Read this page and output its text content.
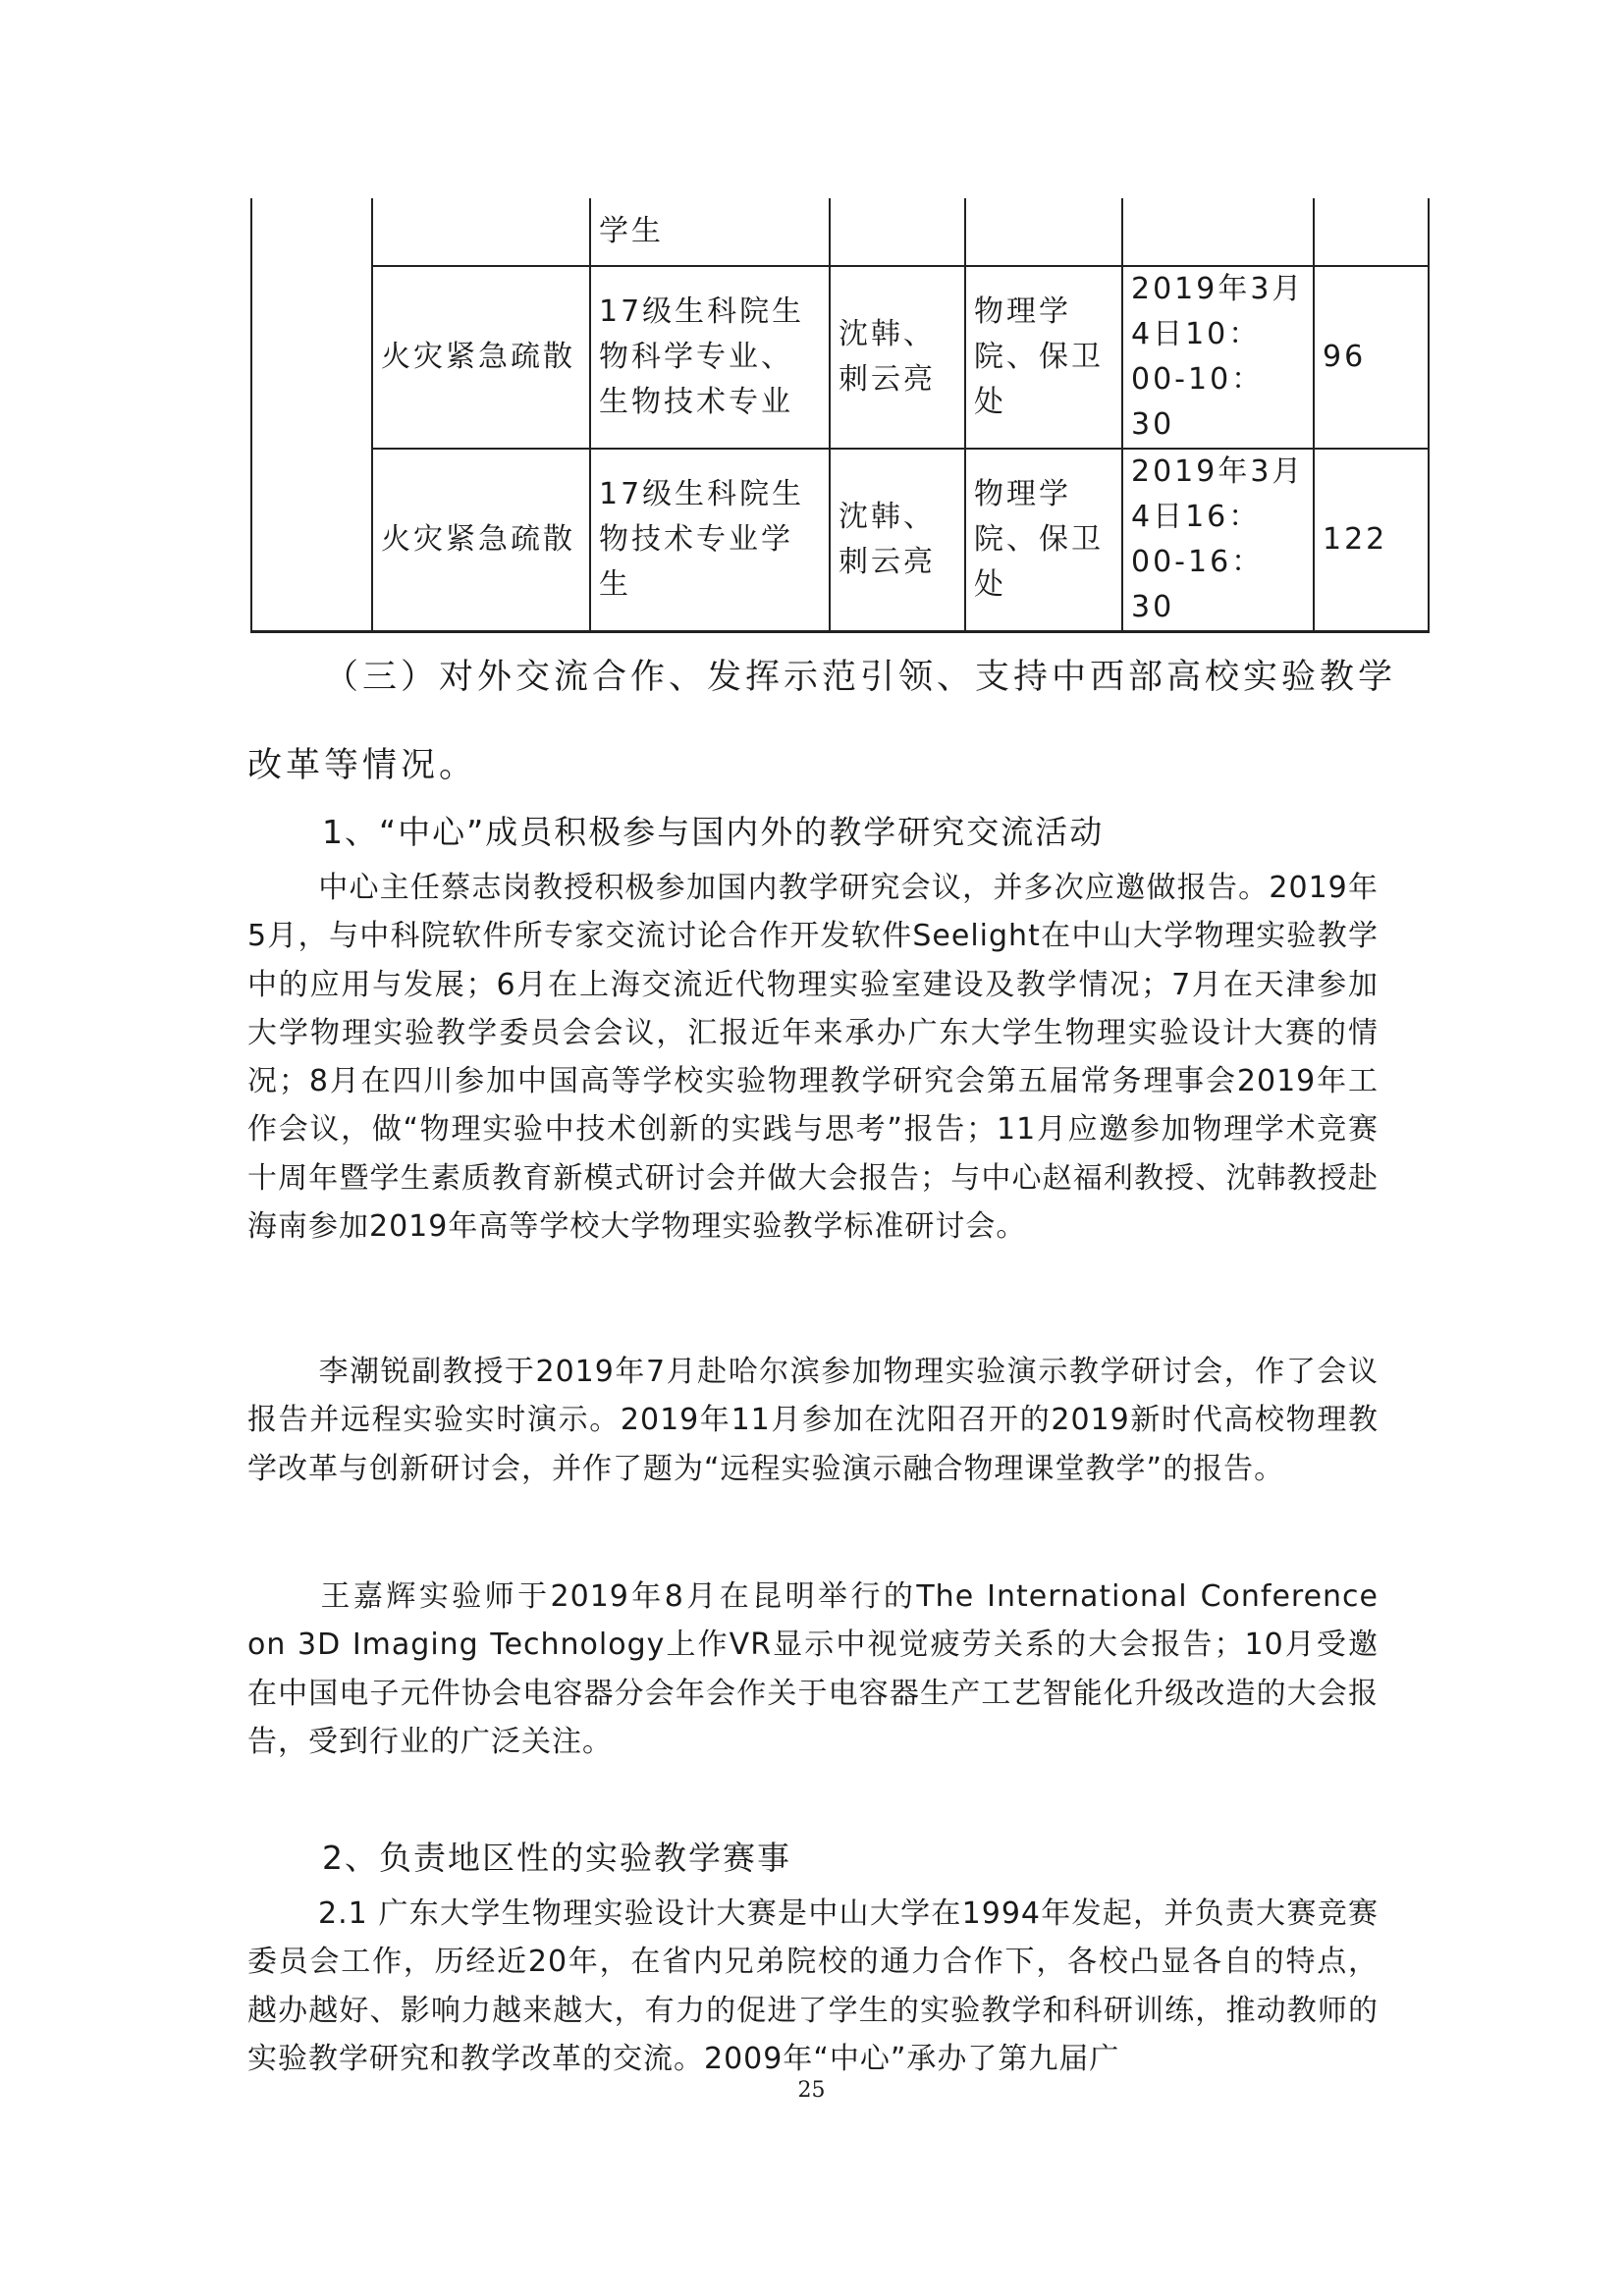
		学生				
	火灾紧急疏散	17级生科院生物科学专业、生物技术专业	沈韩、刺云亮	物理学院、保卫处	2019年3月4日10：00-10：30	96
	火灾紧急疏散	17级生科院生物技术专业学生	沈韩、刺云亮	物理学院、保卫处	2019年3月4日16：00-16：30	122
（三）对外交流合作、发挥示范引领、支持中西部高校实验教学
改革等情况。
1、“中心”成员积极参与国内外的教学研究交流活动
中心主任蔡志岗教授积极参加国内教学研究会议，并多次应邀做报告。2019年5月，与中科院软件所专家交流讨论合作开发软件Seelight在中山大学物理实验教学中的应用与发展；6月在上海交流近代物理实验室建设及教学情况；7月在天津参加大学物理实验教学委员会会议，汇报近年来承办广东大学生物理实验设计大赛的情况；8月在四川参加中国高等学校实验物理教学研究会第五届常务理事会2019年工作会议，做“物理实验中技术创新的实践与思考”报告；11月应邀参加物理学术竞赛十周年暨学生素质教育新模式研讨会并做大会报告；与中心赵福利教授、沈韩教授赴海南参加2019年高等学校大学物理实验教学标准研讨会。
李潮锐副教授于2019年7月赴哈尔滨参加物理实验演示教学研讨会，作了会议报告并远程实验实时演示。2019年11月参加在沈阳召开的2019新时代高校物理教学改革与创新研讨会，并作了题为“远程实验演示融合物理课堂教学”的报告。
王嘉辉实验师于2019年8月在昆明举行的The International Conference on 3D Imaging Technology上作VR显示中视觉疲劳关系的大会报告；10月受邀在中国电子元件协会电容器分会年会作关于电容器生产工艺智能化升级改造的大会报告，受到行业的广泛关注。
2、负责地区性的实验教学赛事
2.1 广东大学生物理实验设计大赛是中山大学在1994年发起，并负责大赛竞赛委员会工作，历经近20年，在省内兄弟院校的通力合作下，各校凸显各自的特点，越办越好、影响力越来越大，有力的促进了学生的实验教学和科研训练，推动教师的实验教学研究和教学改革的交流。2009年“中心”承办了第九届广
25
